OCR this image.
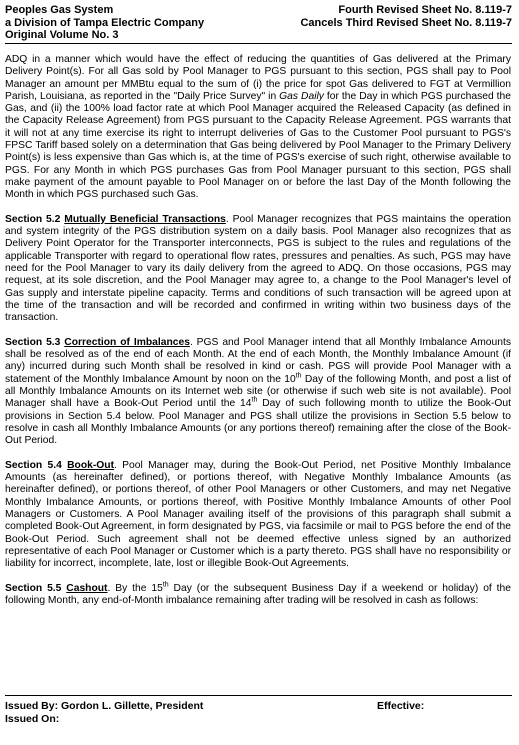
Peoples Gas System	Fourth Revised Sheet No. 8.119-7
a Division of Tampa Electric Company	Cancels Third Revised Sheet No. 8.119-7
Original Volume No. 3

ADQ in a manner which would have the effect of reducing the quantities of Gas delivered at the Primary Delivery Point(s). For all Gas sold by Pool Manager to PGS pursuant to this section, PGS shall pay to Pool Manager an amount per MMBtu equal to the sum of (i) the price for spot Gas delivered to FGT at Vermillion Parish, Louisiana, as reported in the "Daily Price Survey" in Gas Daily for the Day in which PGS purchased the Gas, and (ii) the 100% load factor rate at which Pool Manager acquired the Released Capacity (as defined in the Capacity Release Agreement) from PGS pursuant to the Capacity Release Agreement. PGS warrants that it will not at any time exercise its right to interrupt deliveries of Gas to the Customer Pool pursuant to PGS's FPSC Tariff based solely on a determination that Gas being delivered by Pool Manager to the Primary Delivery Point(s) is less expensive than Gas which is, at the time of PGS's exercise of such right, otherwise available to PGS. For any Month in which PGS purchases Gas from Pool Manager pursuant to this section, PGS shall make payment of the amount payable to Pool Manager on or before the last Day of the Month following the Month in which PGS purchased such Gas.

Section 5.2 Mutually Beneficial Transactions. Pool Manager recognizes that PGS maintains the operation and system integrity of the PGS distribution system on a daily basis. Pool Manager also recognizes that as Delivery Point Operator for the Transporter interconnects, PGS is subject to the rules and regulations of the applicable Transporter with regard to operational flow rates, pressures and penalties. As such, PGS may have need for the Pool Manager to vary its daily delivery from the agreed to ADQ. On those occasions, PGS may request, at its sole discretion, and the Pool Manager may agree to, a change to the Pool Manager's level of Gas supply and interstate pipeline capacity. Terms and conditions of such transaction will be agreed upon at the time of the transaction and will be recorded and confirmed in writing within two business days of the transaction.

Section 5.3 Correction of Imbalances. PGS and Pool Manager intend that all Monthly Imbalance Amounts shall be resolved as of the end of each Month. At the end of each Month, the Monthly Imbalance Amount (if any) incurred during such Month shall be resolved in kind or cash. PGS will provide Pool Manager with a statement of the Monthly Imbalance Amount by noon on the 10th Day of the following Month, and post a list of all Monthly Imbalance Amounts on its Internet web site (or otherwise if such web site is not available). Pool Manager shall have a Book-Out Period until the 14th Day of such following month to utilize the Book-Out provisions in Section 5.4 below. Pool Manager and PGS shall utilize the provisions in Section 5.5 below to resolve in cash all Monthly Imbalance Amounts (or any portions thereof) remaining after the close of the Book-Out Period.

Section 5.4 Book-Out. Pool Manager may, during the Book-Out Period, net Positive Monthly Imbalance Amounts (as hereinafter defined), or portions thereof, with Negative Monthly Imbalance Amounts (as hereinafter defined), or portions thereof, of other Pool Managers or other Customers, and may net Negative Monthly Imbalance Amounts, or portions thereof, with Positive Monthly Imbalance Amounts of other Pool Managers or Customers. A Pool Manager availing itself of the provisions of this paragraph shall submit a completed Book-Out Agreement, in form designated by PGS, via facsimile or mail to PGS before the end of the Book-Out Period. Such agreement shall not be deemed effective unless signed by an authorized representative of each Pool Manager or Customer which is a party thereto. PGS shall have no responsibility or liability for incorrect, incomplete, late, lost or illegible Book-Out Agreements.

Section 5.5 Cashout. By the 15th Day (or the subsequent Business Day if a weekend or holiday) of the following Month, any end-of-Month imbalance remaining after trading will be resolved in cash as follows:

Issued By: Gordon L. Gillette, President	Effective:
Issued On:
